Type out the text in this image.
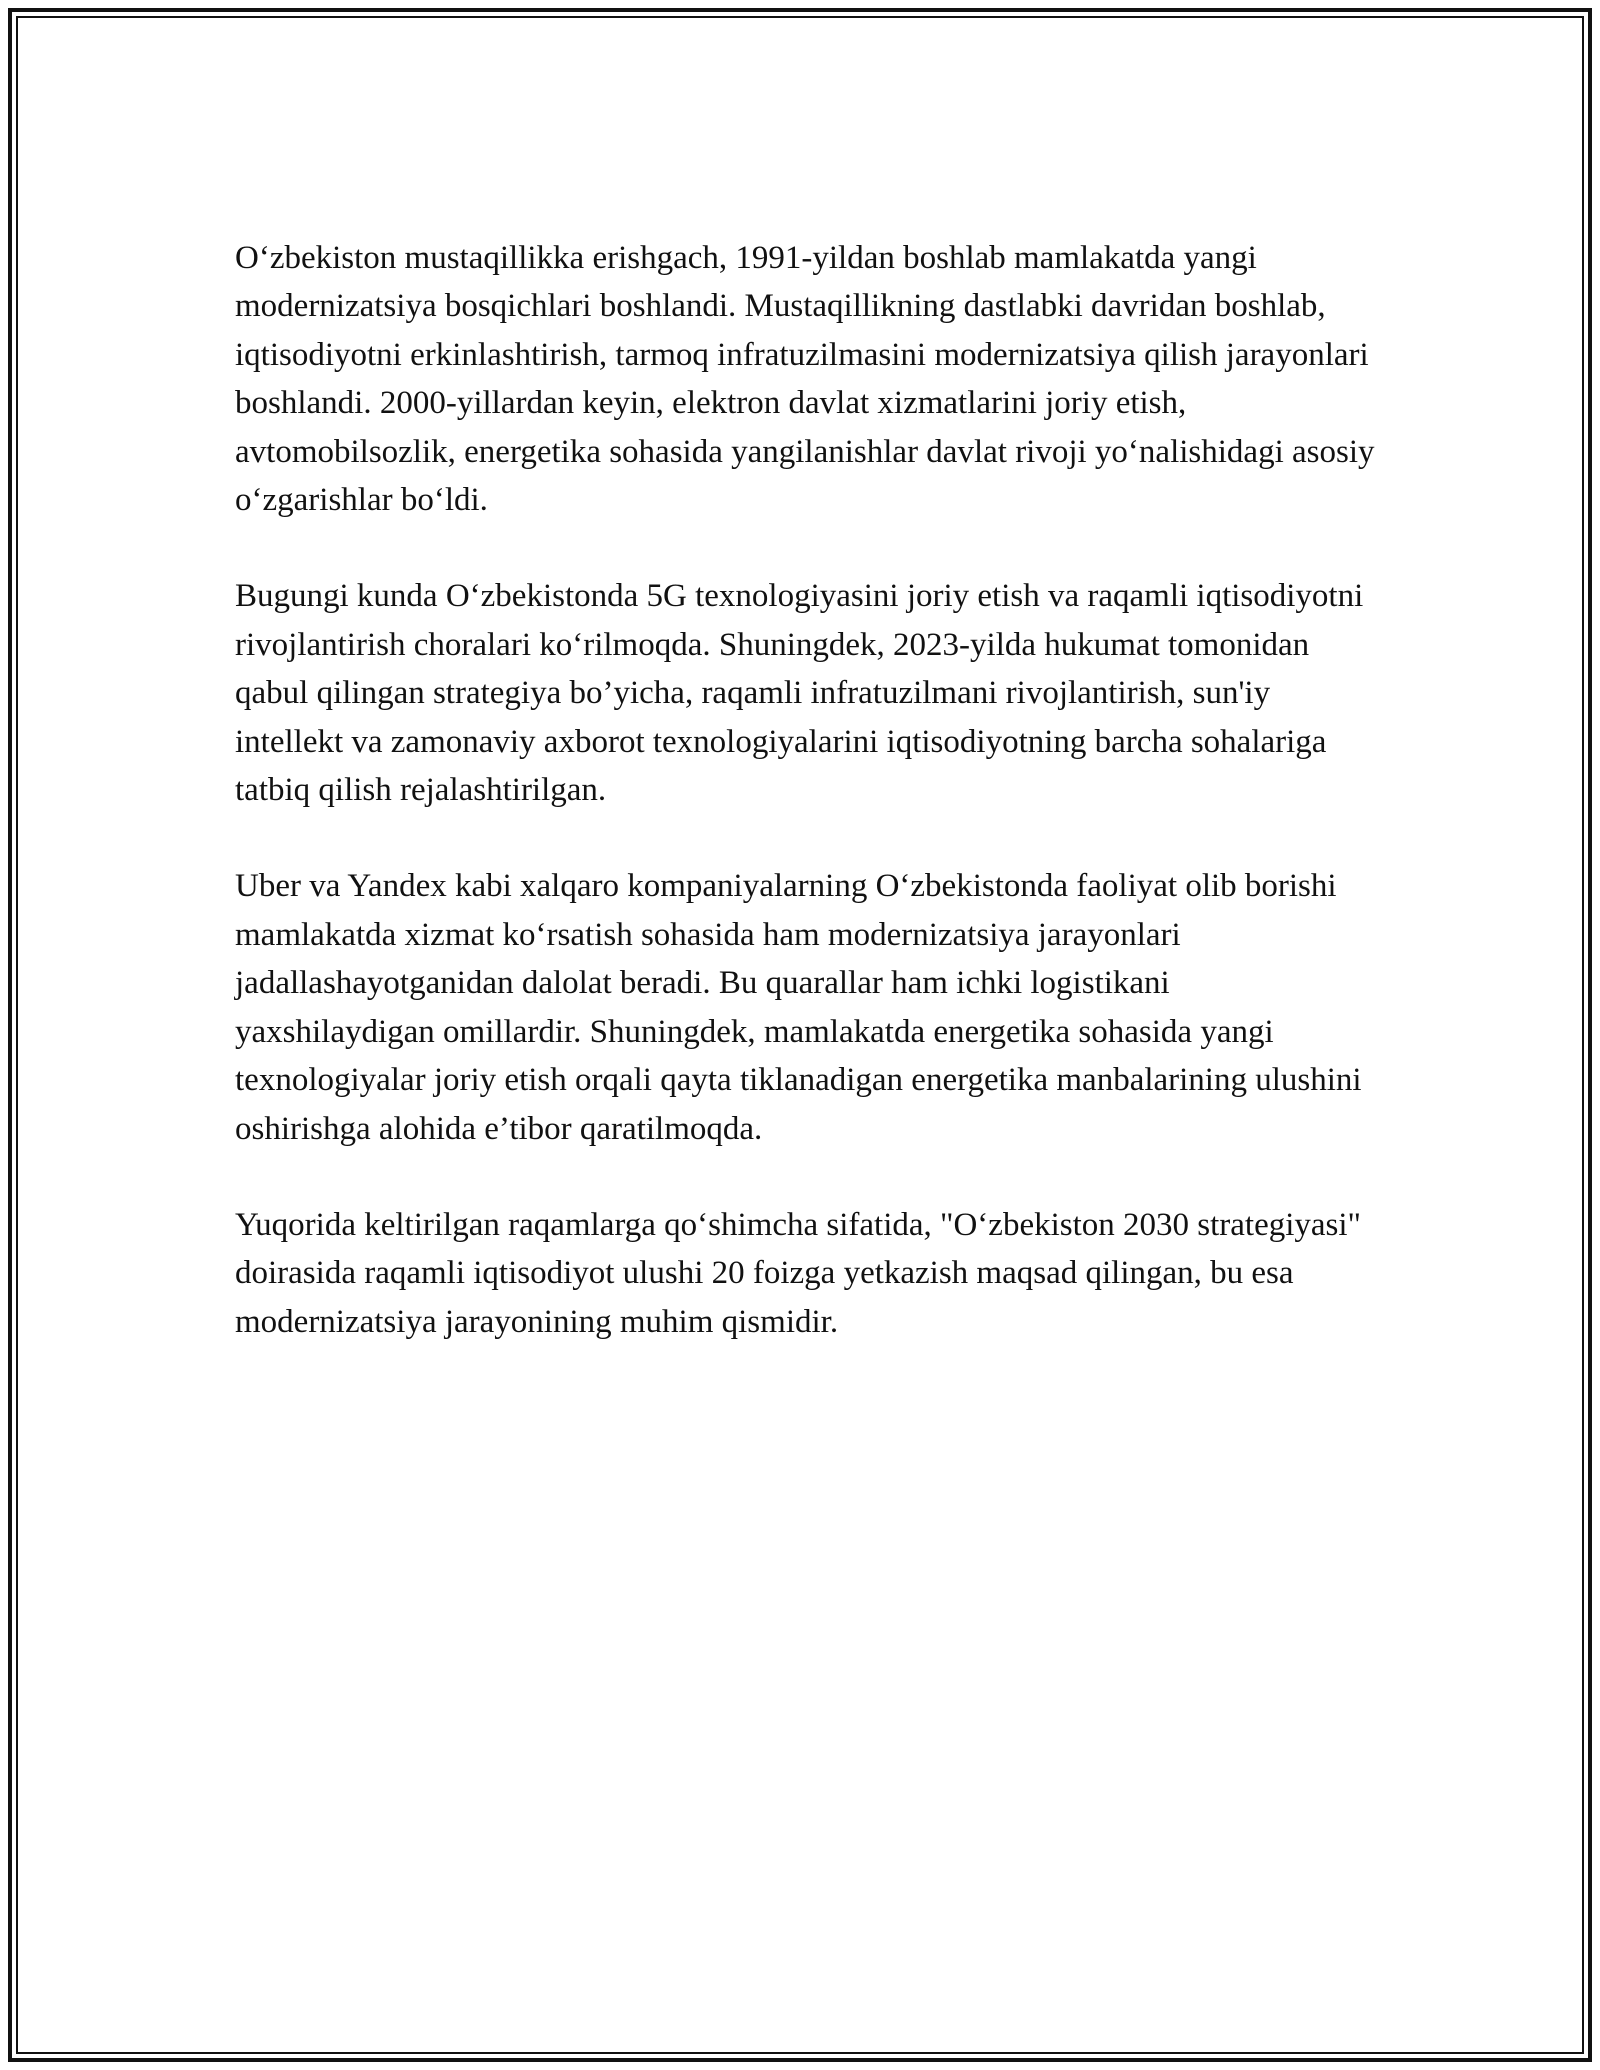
O‘zbekiston mustaqillikka erishgach, 1991-yildan boshlab mamlakatda yangi modernizatsiya bosqichlari boshlandi. Mustaqillikning dastlabki davridan boshlab, iqtisodiyotni erkinlashtirish, tarmoq infratuzilmasini modernizatsiya qilish jarayonlari boshlandi. 2000-yillardan keyin, elektron davlat xizmatlarini joriy etish, avtomobilsozlik, energetika sohasida yangilanishlar davlat rivoji yo‘nalishidagi asosiy o‘zgarishlar bo‘ldi.

Bugungi kunda O‘zbekistonda 5G texnologiyasini joriy etish va raqamli iqtisodiyotni rivojlantirish choralari ko‘rilmoqda. Shuningdek, 2023-yilda hukumat tomonidan qabul qilingan strategiya bo’yicha, raqamli infratuzilmani rivojlantirish, sun'iy intellekt va zamonaviy axborot texnologiyalarini iqtisodiyotning barcha sohalariga tatbiq qilish rejalashtirilgan.

Uber va Yandex kabi xalqaro kompaniyalarning O‘zbekistonda faoliyat olib borishi mamlakatda xizmat ko‘rsatish sohasida ham modernizatsiya jarayonlari jadallashayotganidan dalolat beradi. Bu quarallar ham ichki logistikani yaxshilaydigan omillardir. Shuningdek, mamlakatda energetika sohasida yangi texnologiyalar joriy etish orqali qayta tiklanadigan energetika manbalarining ulushini oshirishga alohida e’tibor qaratilmoqda.

Yuqorida keltirilgan raqamlarga qo‘shimcha sifatida, "O‘zbekiston 2030 strategiyasi" doirasida raqamli iqtisodiyot ulushi 20 foizga yetkazish maqsad qilingan, bu esa modernizatsiya jarayonining muhim qismidir.
